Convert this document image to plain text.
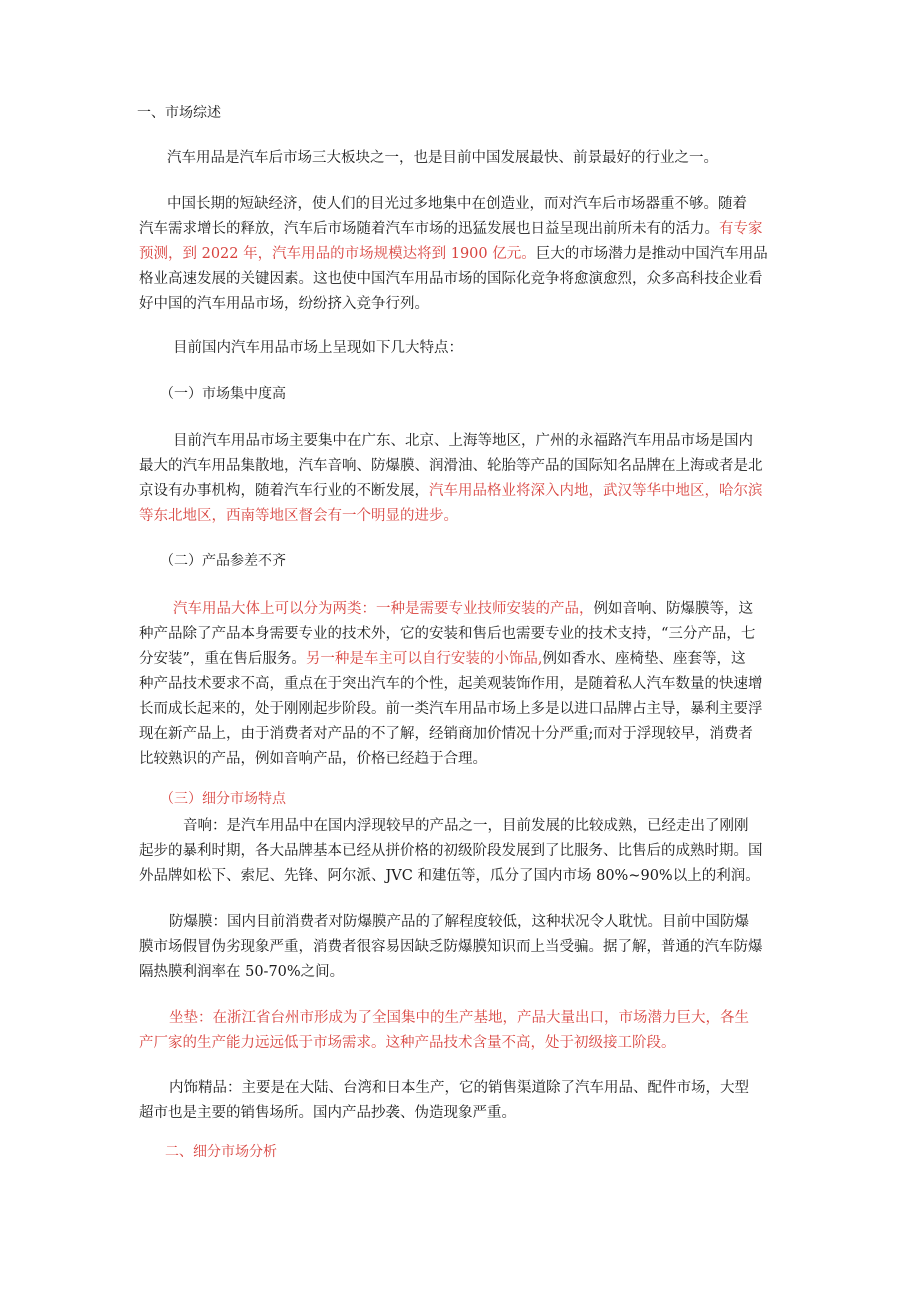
一、市场综述
汽车用品是汽车后市场三大板块之一，也是目前中国发展最快、前景最好的行业之一。
中国长期的短缺经济，使人们的目光过多地集中在创造业，而对汽车后市场器重不够。随着
汽车需求增长的释放，汽车后市场随着汽车市场的迅猛发展也日益呈现出前所未有的活力。有专家
预测，到 2022 年，汽车用品的市场规模达将到 1900 亿元。巨大的市场潜力是推动中国汽车用品
格业高速发展的关键因素。这也使中国汽车用品市场的国际化竞争将愈演愈烈，众多高科技企业看
好中国的汽车用品市场，纷纷挤入竞争行列。
目前国内汽车用品市场上呈现如下几大特点：
（一）市场集中度高
目前汽车用品市场主要集中在广东、北京、上海等地区，广州的永福路汽车用品市场是国内
最大的汽车用品集散地，汽车音响、防爆膜、润滑油、轮胎等产品的国际知名品牌在上海或者是北
京设有办事机构，随着汽车行业的不断发展，汽车用品格业将深入内地，武汉等华中地区，哈尔滨
等东北地区，西南等地区督会有一个明显的进步。
（二）产品参差不齐
汽车用品大体上可以分为两类：一种是需要专业技师安装的产品，例如音响、防爆膜等，这
种产品除了产品本身需要专业的技术外，它的安装和售后也需要专业的技术支持，“三分产品，七
分安装”，重在售后服务。另一种是车主可以自行安装的小饰品,例如香水、座椅垫、座套等，这
种产品技术要求不高，重点在于突出汽车的个性，起美观装饰作用，是随着私人汽车数量的快速增
长而成长起来的，处于刚刚起步阶段。前一类汽车用品市场上多是以进口品牌占主导，暴利主要浮
现在新产品上，由于消费者对产品的不了解，经销商加价情况十分严重;而对于浮现较早，消费者
比较熟识的产品，例如音响产品，价格已经趋于合理。
（三）细分市场特点
音响：是汽车用品中在国内浮现较早的产品之一，目前发展的比较成熟，已经走出了刚刚
起步的暴利时期，各大品牌基本已经从拼价格的初级阶段发展到了比服务、比售后的成熟时期。国
外品牌如松下、索尼、先锋、阿尔派、JVC 和建伍等，瓜分了国内市场 80%~90%以上的利润。
防爆膜：国内目前消费者对防爆膜产品的了解程度较低，这种状况令人耽忧。目前中国防爆
膜市场假冒伪劣现象严重，消费者很容易因缺乏防爆膜知识而上当受骗。据了解，普通的汽车防爆
隔热膜利润率在 50-70%之间。
坐垫：在浙江省台州市形成为了全国集中的生产基地，产品大量出口，市场潜力巨大，各生
产厂家的生产能力远远低于市场需求。这种产品技术含量不高，处于初级接工阶段。
内饰精品：主要是在大陆、台湾和日本生产，它的销售渠道除了汽车用品、配件市场，大型
超市也是主要的销售场所。国内产品抄袭、伪造现象严重。
二、细分市场分析
